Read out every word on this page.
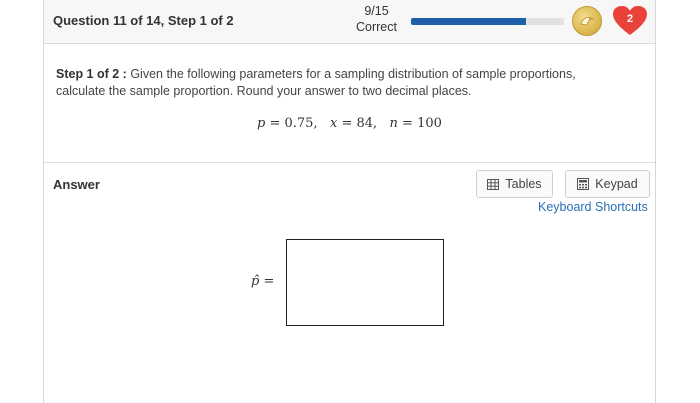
Question 11 of 14, Step 1 of 2
9/15
Correct
2
Step 1 of 2 : Given the following parameters for a sampling distribution of sample proportions, calculate the sample proportion. Round your answer to two decimal places.
p = 0.75,   x = 84,   n = 100
Answer	Tables	Keypad
Keyboard Shortcuts
p̂ =
